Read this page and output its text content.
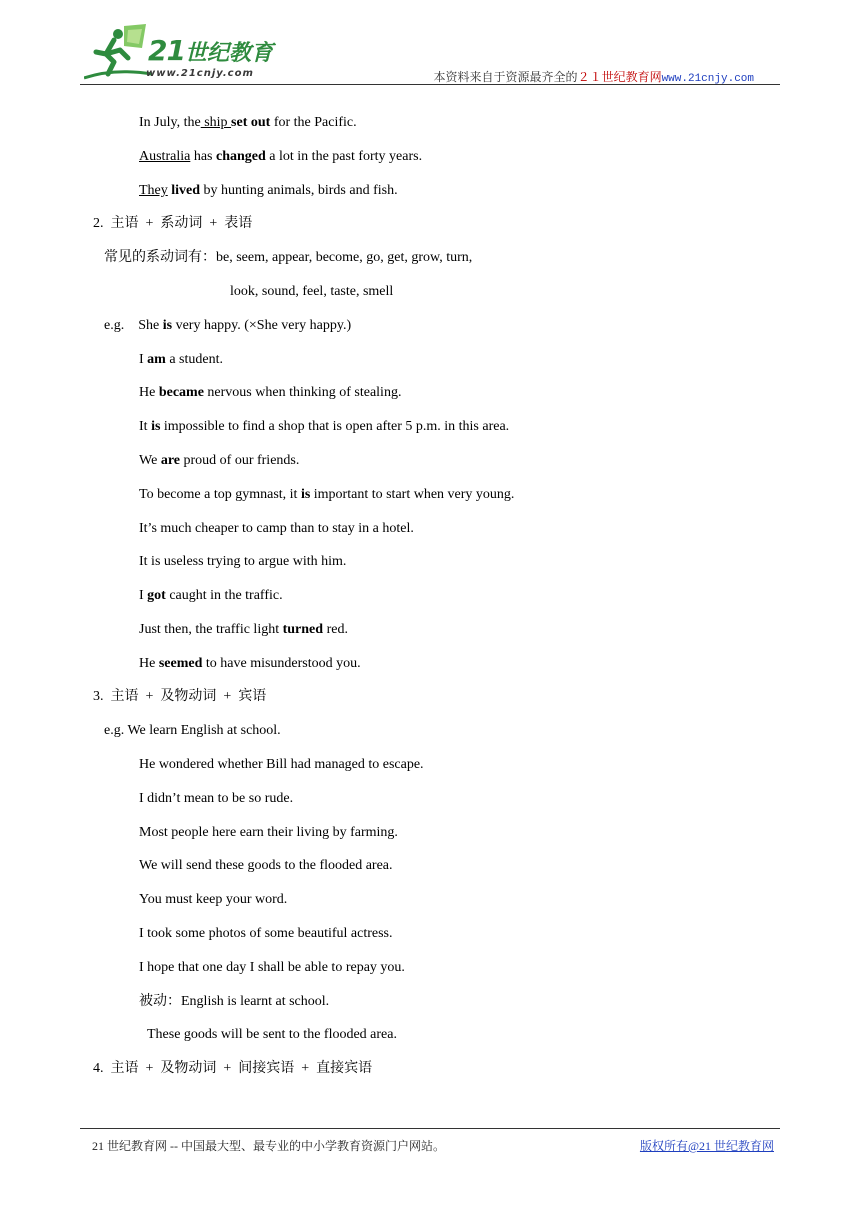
21世纪教育
www.21cnjy.com	本资料来自于资源最齐全的２１世纪教育网www.21cnjy.com
In July, the ship set out for the Pacific.
Australia has changed a lot in the past forty years.
They lived by hunting animals, birds and fish.
2.  主语  +  系动词  +  表语
常见的系动词有：be, seem, appear, become, go, get, grow, turn,
look, sound, feel, taste, smell
e.g.    She is very happy. (×She very happy.)
I am a student.
He became nervous when thinking of stealing.
It is impossible to find a shop that is open after 5 p.m. in this area.
We are proud of our friends.
To become a top gymnast, it is important to start when very young.
It’s much cheaper to camp than to stay in a hotel.
It is useless trying to argue with him.
I got caught in the traffic.
Just then, the traffic light turned red.
He seemed to have misunderstood you.
3.  主语  +  及物动词  +  宾语
e.g. We learn English at school.
He wondered whether Bill had managed to escape.
I didn’t mean to be so rude.
Most people here earn their living by farming.
We will send these goods to the flooded area.
You must keep your word.
I took some photos of some beautiful actress.
I hope that one day I shall be able to repay you.
被动：English is learnt at school.
These goods will be sent to the flooded area.
4.  主语  +  及物动词  +  间接宾语  +  直接宾语
21 世纪教育网 -- 中国最大型、最专业的中小学教育资源门户网站。	版权所有@21 世纪教育网
